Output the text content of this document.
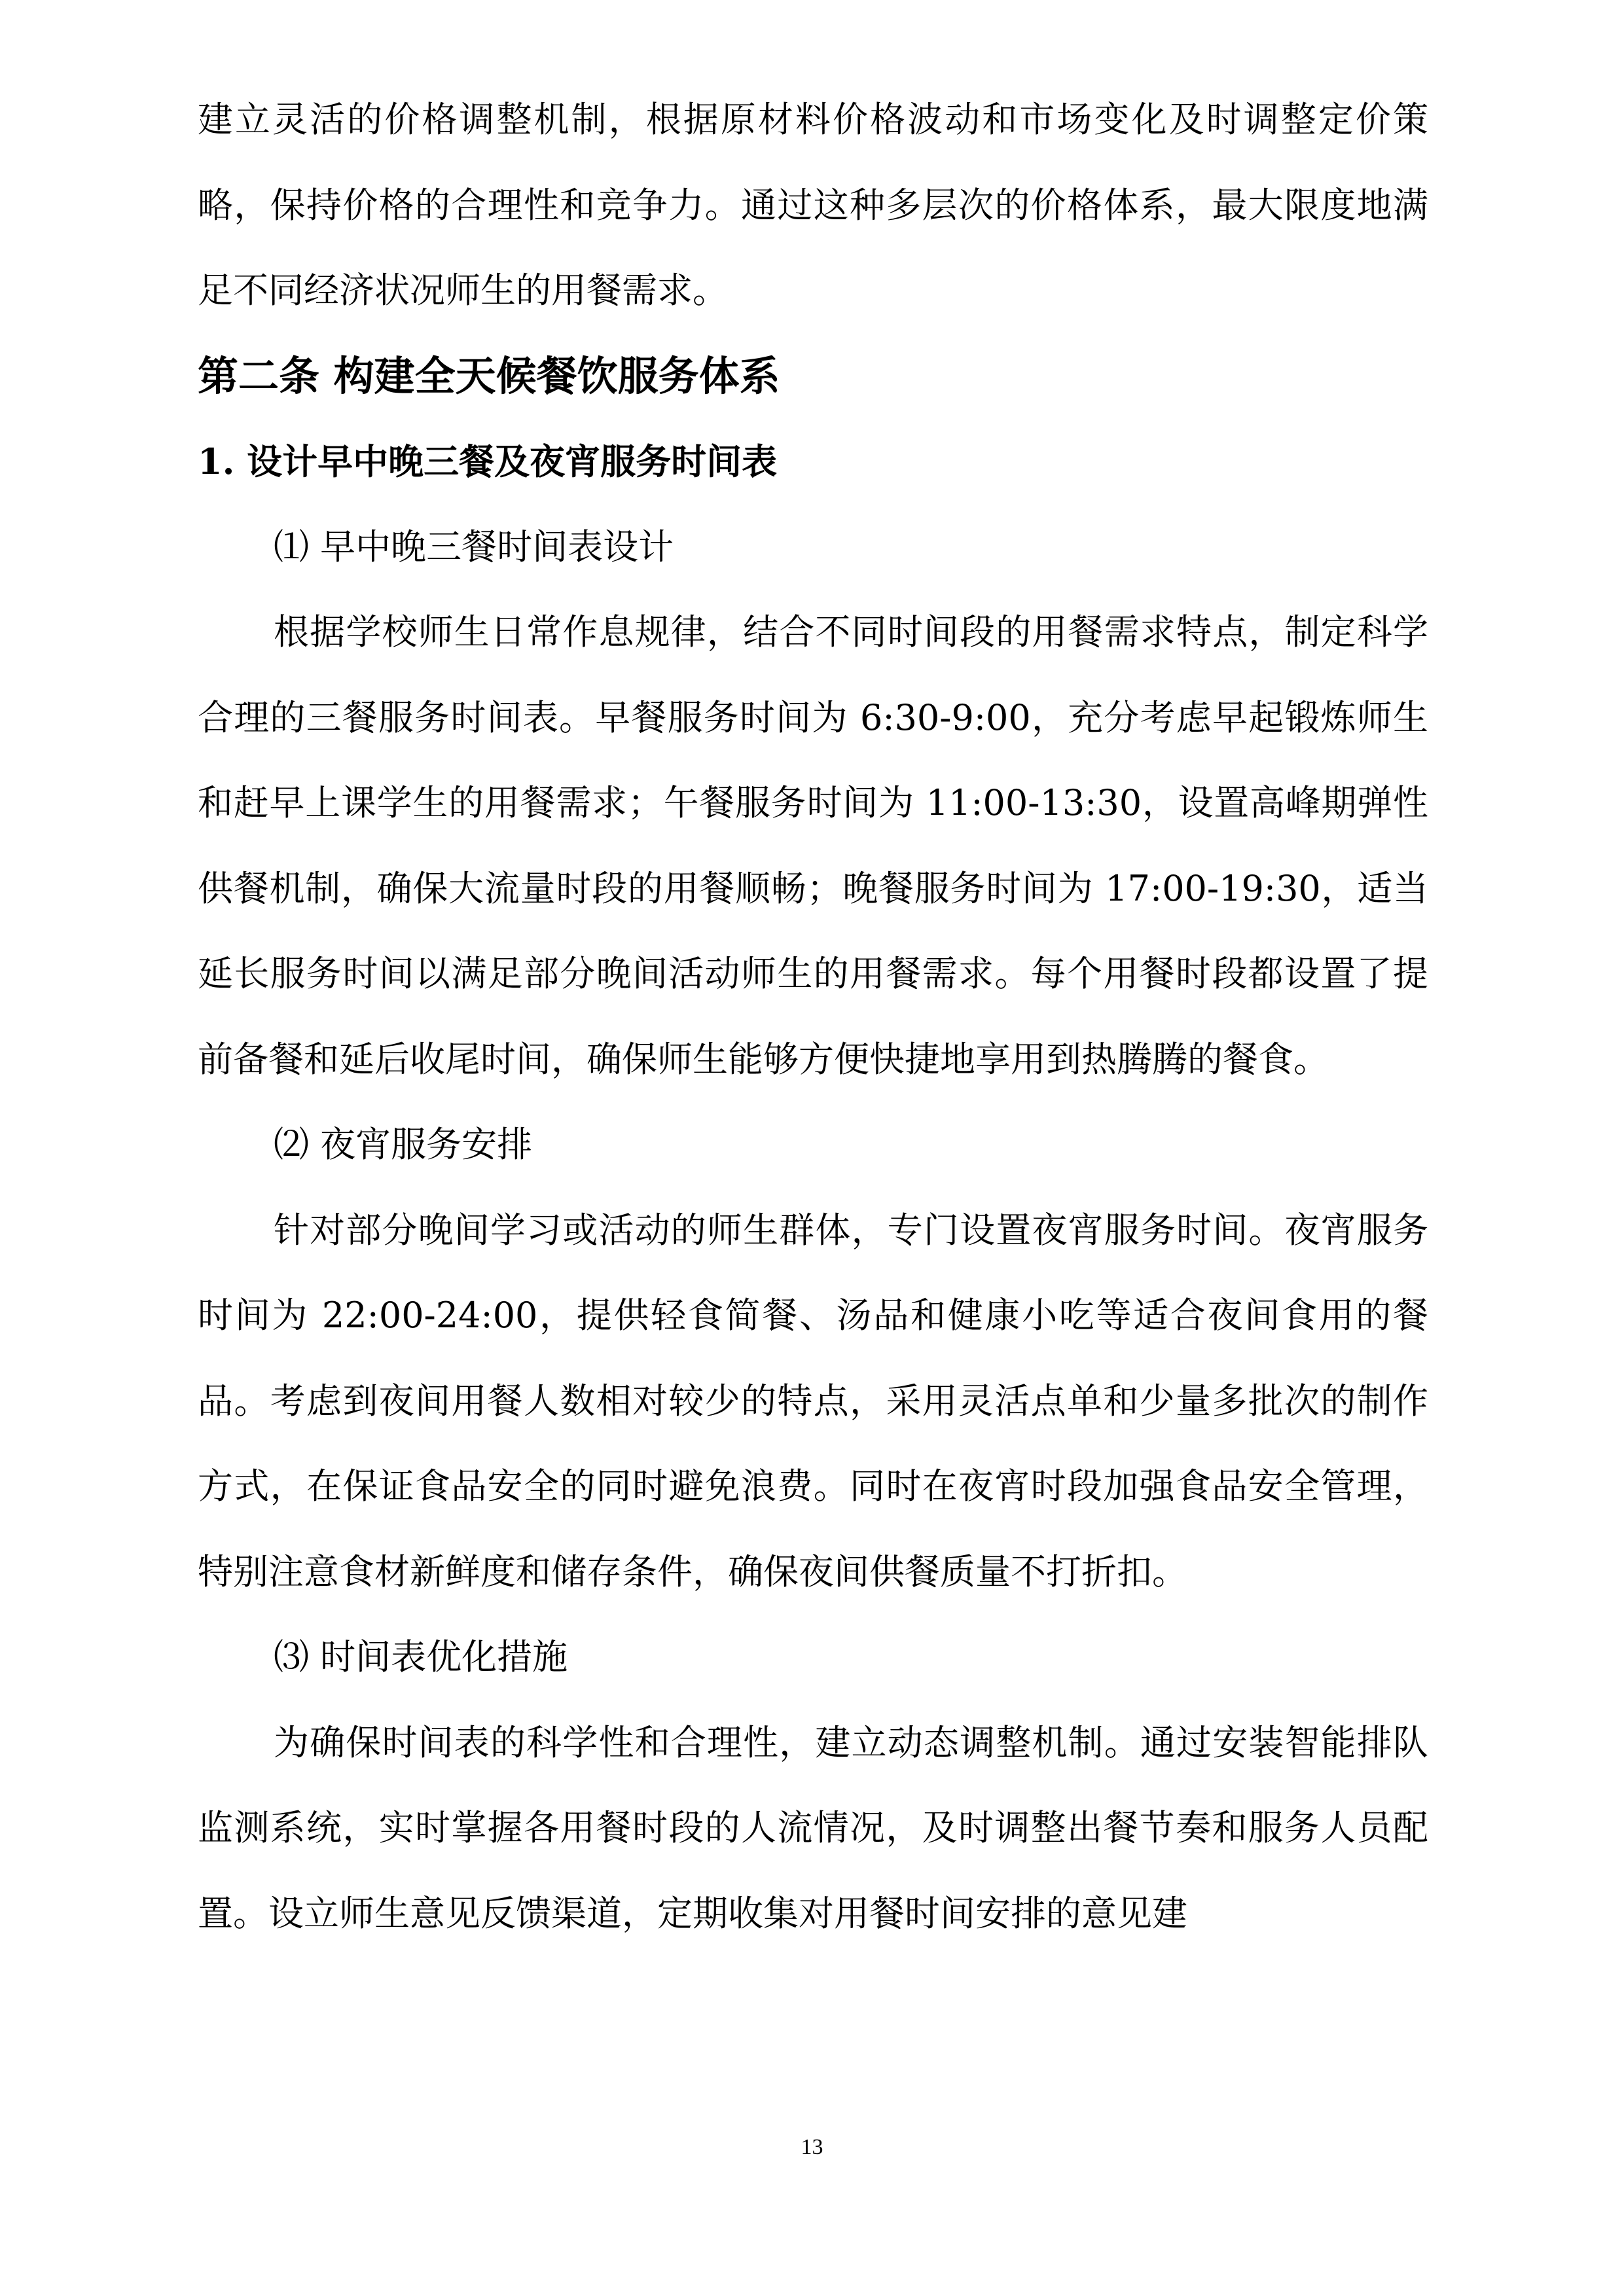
建立灵活的价格调整机制，根据原材料价格波动和市场变化及时调整定价策略，保持价格的合理性和竞争力。通过这种多层次的价格体系，最大限度地满足不同经济状况师生的用餐需求。

第二条 构建全天候餐饮服务体系
1. 设计早中晚三餐及夜宵服务时间表
⑴ 早中晚三餐时间表设计

根据学校师生日常作息规律，结合不同时间段的用餐需求特点，制定科学合理的三餐服务时间表。早餐服务时间为 6:30-9:00，充分考虑早起锻炼师生和赶早上课学生的用餐需求；午餐服务时间为 11:00-13:30，设置高峰期弹性供餐机制，确保大流量时段的用餐顺畅；晚餐服务时间为 17:00-19:30，适当延长服务时间以满足部分晚间活动师生的用餐需求。每个用餐时段都设置了提前备餐和延后收尾时间，确保师生能够方便快捷地享用到热腾腾的餐食。

⑵ 夜宵服务安排

针对部分晚间学习或活动的师生群体，专门设置夜宵服务时间。夜宵服务时间为 22:00-24:00，提供轻食简餐、汤品和健康小吃等适合夜间食用的餐品。考虑到夜间用餐人数相对较少的特点，采用灵活点单和少量多批次的制作方式，在保证食品安全的同时避免浪费。同时在夜宵时段加强食品安全管理，特别注意食材新鲜度和储存条件，确保夜间供餐质量不打折扣。

⑶ 时间表优化措施

为确保时间表的科学性和合理性，建立动态调整机制。通过安装智能排队监测系统，实时掌握各用餐时段的人流情况，及时调整出餐节奏和服务人员配置。设立师生意见反馈渠道，定期收集对用餐时间安排的意见建

13
